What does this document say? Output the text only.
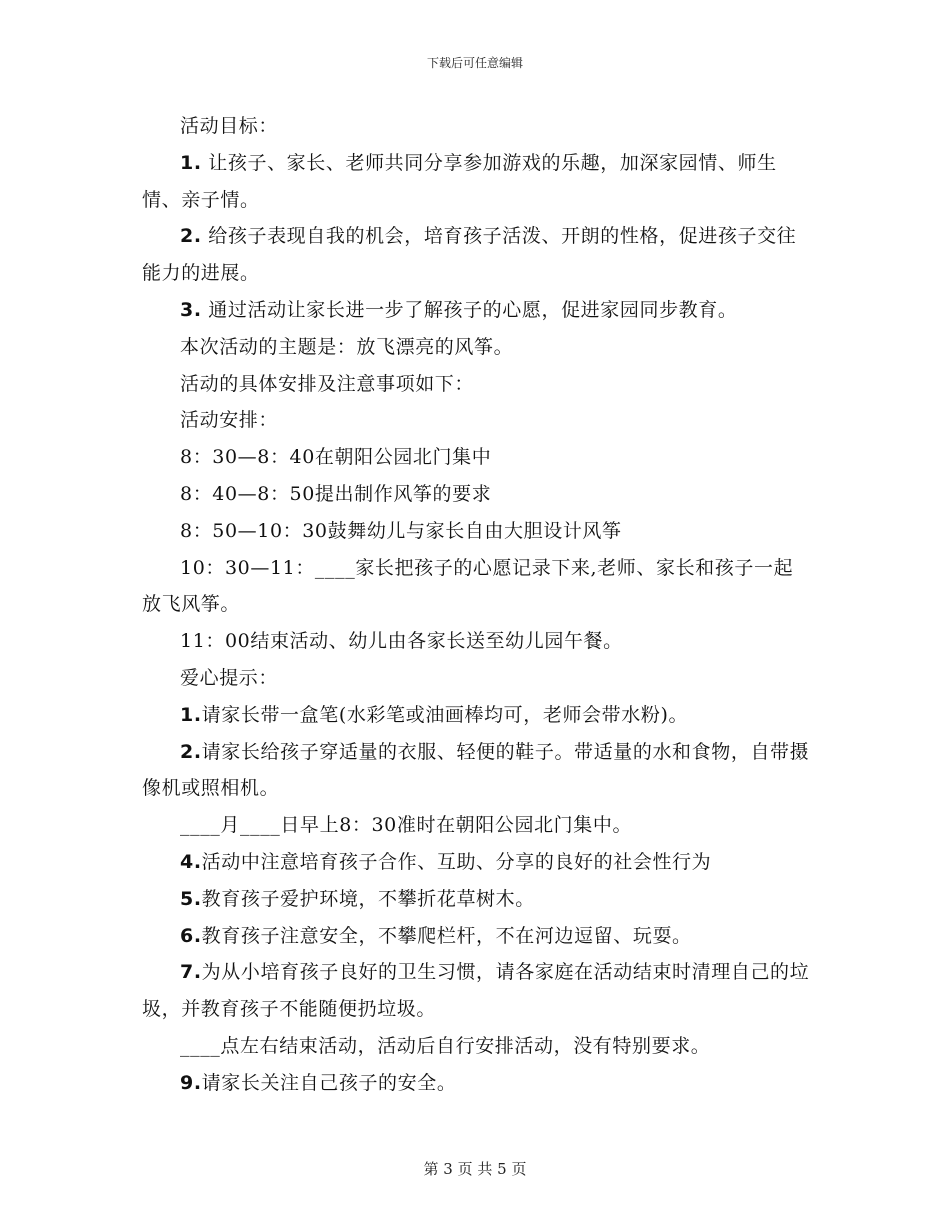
下载后可任意编辑

活动目标：

1. 让孩子、家长、老师共同分享参加游戏的乐趣，加深家园情、师生情、亲子情。

2. 给孩子表现自我的机会，培育孩子活泼、开朗的性格，促进孩子交往能力的进展。

3. 通过活动让家长进一步了解孩子的心愿，促进家园同步教育。

本次活动的主题是：放飞漂亮的风筝。

活动的具体安排及注意事项如下：

活动安排：

8：30—8：40在朝阳公园北门集中

8：40—8：50提出制作风筝的要求

8：50—10：30鼓舞幼儿与家长自由大胆设计风筝

10：30—11：____家长把孩子的心愿记录下来,老师、家长和孩子一起放飞风筝。

11：00结束活动、幼儿由各家长送至幼儿园午餐。

爱心提示：

1.请家长带一盒笔(水彩笔或油画棒均可，老师会带水粉)。

2.请家长给孩子穿适量的衣服、轻便的鞋子。带适量的水和食物，自带摄像机或照相机。

____月____日早上8：30准时在朝阳公园北门集中。

4.活动中注意培育孩子合作、互助、分享的良好的社会性行为

5.教育孩子爱护环境，不攀折花草树木。

6.教育孩子注意安全，不攀爬栏杆，不在河边逗留、玩耍。

7.为从小培育孩子良好的卫生习惯，请各家庭在活动结束时清理自己的垃圾，并教育孩子不能随便扔垃圾。

____点左右结束活动，活动后自行安排活动，没有特别要求。

9.请家长关注自己孩子的安全。

第 3 页 共 5 页
